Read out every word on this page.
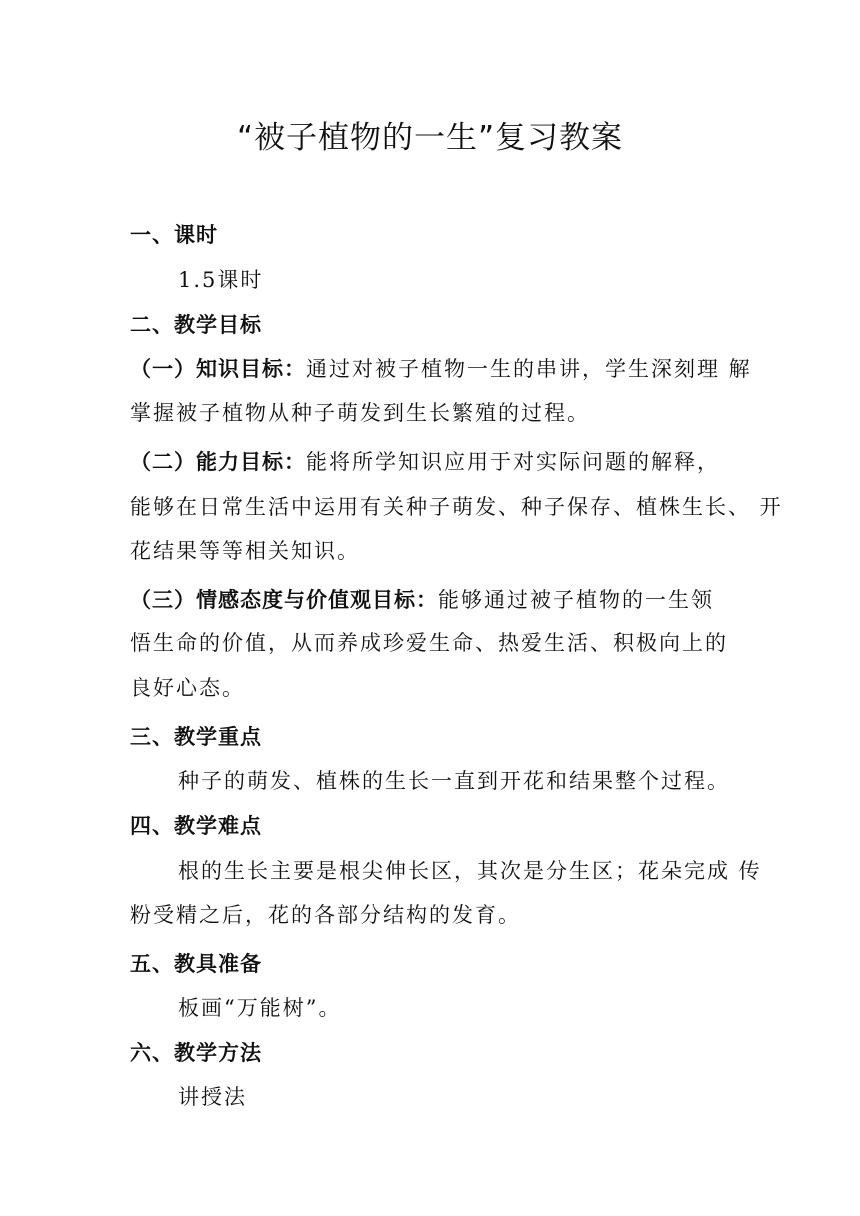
“被子植物的一生”复习教案
一、课时
1.5课时
二、教学目标
（一）知识目标：通过对被子植物一生的串讲，学生深刻理 解
掌握被子植物从种子萌发到生长繁殖的过程。
（二）能力目标：能将所学知识应用于对实际问题的解释，
能够在日常生活中运用有关种子萌发、种子保存、植株生长、 开
花结果等等相关知识。
（三）情感态度与价值观目标：能够通过被子植物的一生领
悟生命的价值，从而养成珍爱生命、热爱生活、积极向上的
良好心态。
三、教学重点
种子的萌发、植株的生长一直到开花和结果整个过程。
四、教学难点
根的生长主要是根尖伸长区，其次是分生区；花朵完成 传
粉受精之后，花的各部分结构的发育。
五、教具准备
板画“万能树”。
六、教学方法
讲授法
